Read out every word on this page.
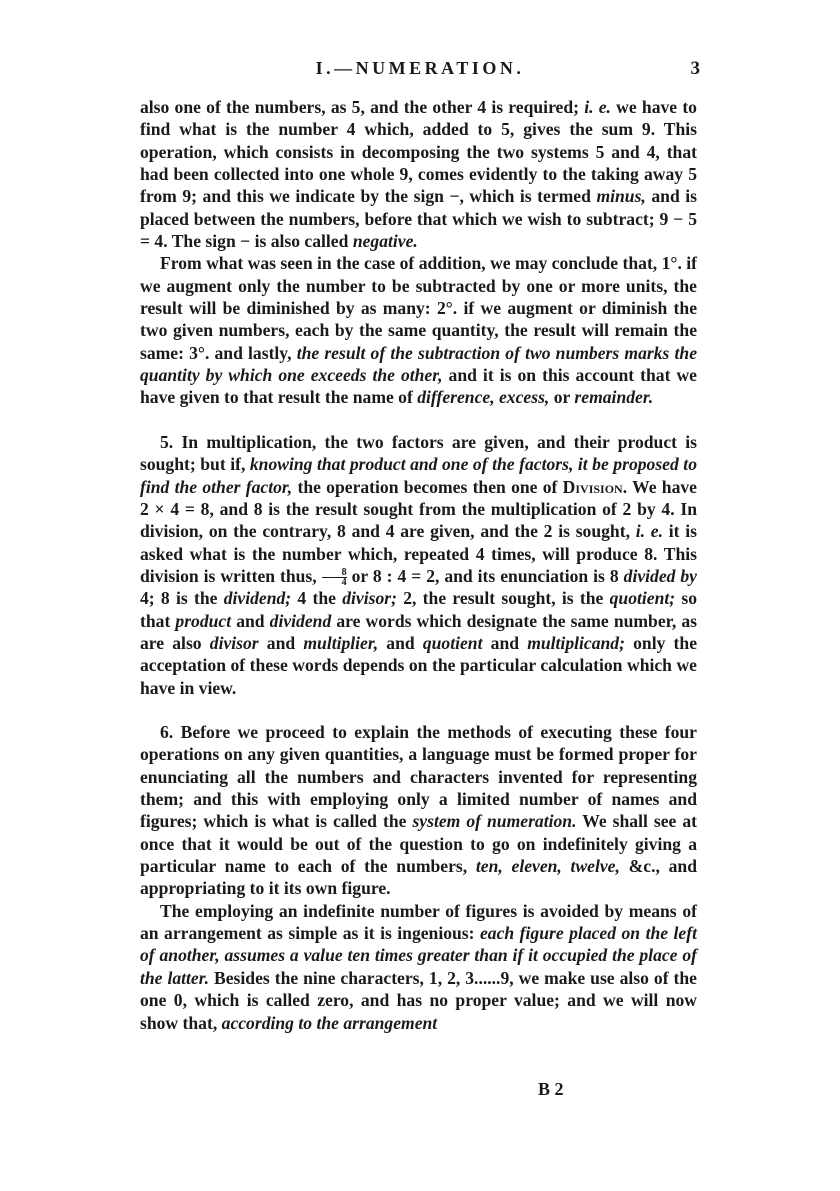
I.—NUMERATION.	3

also one of the numbers, as 5, and the other 4 is required; i. e. we have to find what is the number 4 which, added to 5, gives the sum 9. This operation, which consists in decomposing the two systems 5 and 4, that had been collected into one whole 9, comes evidently to the taking away 5 from 9; and this we indicate by the sign −, which is termed minus, and is placed between the numbers, before that which we wish to subtract; 9 − 5 = 4. The sign − is also called negative.

From what was seen in the case of addition, we may conclude that, 1°. if we augment only the number to be subtracted by one or more units, the result will be diminished by as many: 2°. if we augment or diminish the two given numbers, each by the same quantity, the result will remain the same: 3°. and lastly, the result of the subtraction of two numbers marks the quantity by which one exceeds the other, and it is on this account that we have given to that result the name of difference, excess, or remainder.

5. In multiplication, the two factors are given, and their product is sought; but if, knowing that product and one of the factors, it be proposed to find the other factor, the operation becomes then one of Division. We have 2 × 4 = 8, and 8 is the result sought from the multiplication of 2 by 4. In division, on the contrary, 8 and 4 are given, and the 2 is sought, i. e. it is asked what is the number which, repeated 4 times, will produce 8. This division is written thus, $\frac{8}{4}$ or 8 : 4 = 2, and its enunciation is 8 divided by 4; 8 is the dividend; 4 the divisor; 2, the result sought, is the quotient; so that product and dividend are words which designate the same number, as are also divisor and multiplier, and quotient and multiplicand; only the acceptation of these words depends on the particular calculation which we have in view.

6. Before we proceed to explain the methods of executing these four operations on any given quantities, a language must be formed proper for enunciating all the numbers and characters invented for representing them; and this with employing only a limited number of names and figures; which is what is called the system of numeration. We shall see at once that it would be out of the question to go on indefinitely giving a particular name to each of the numbers, ten, eleven, twelve, &c., and appropriating to it its own figure.

The employing an indefinite number of figures is avoided by means of an arrangement as simple as it is ingenious: each figure placed on the left of another, assumes a value ten times greater than if it occupied the place of the latter. Besides the nine characters, 1, 2, 3......9, we make use also of the one 0, which is called zero, and has no proper value; and we will now show that, according to the arrangement

B 2
